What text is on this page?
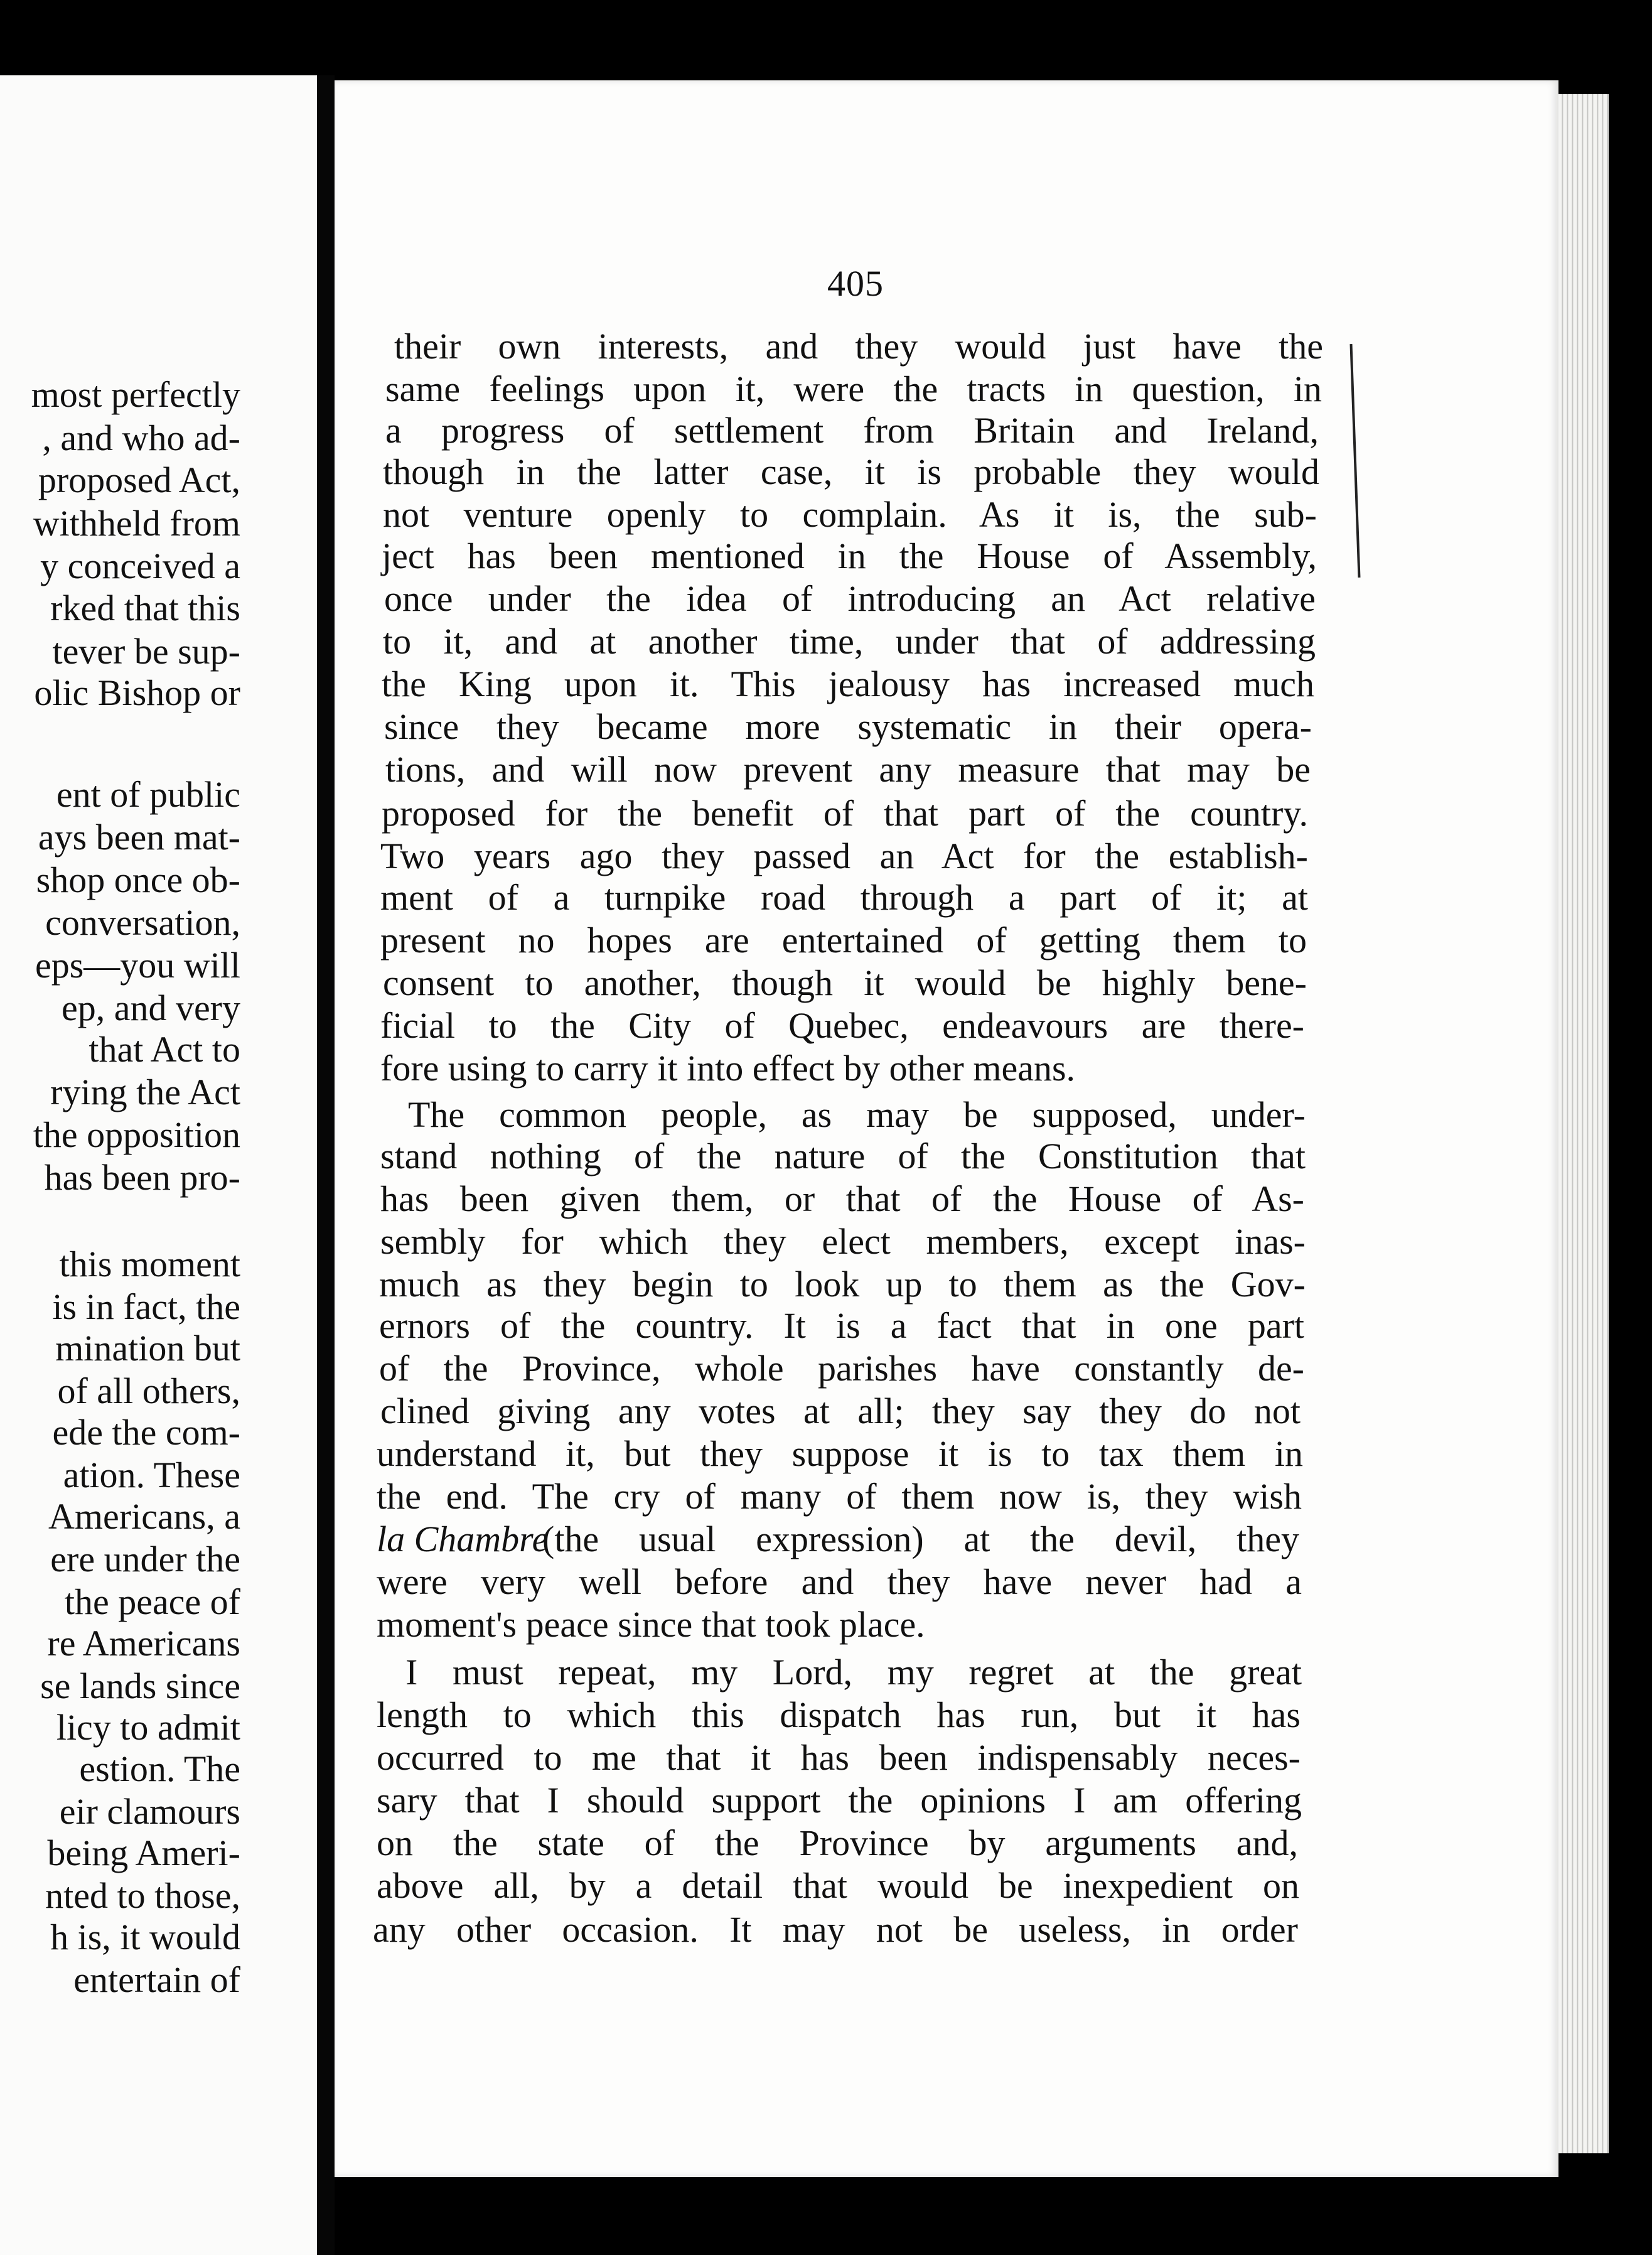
most perfectly
, and who ad-
proposed Act,
withheld from
y conceived a
rked that this
tever be sup-
olic Bishop or
ent of public
ays been mat-
shop once ob-
conversation,
eps—you will
ep, and very
that Act to
rying the Act
the opposition
has been pro-
this moment
is in fact, the
mination but
of all others,
ede the com-
ation. These
Americans, a
ere under the
the peace of
re Americans
se lands since
licy to admit
estion. The
eir clamours
being Ameri-
nted to those,
h is, it would
entertain of
405
their own interests, and they would just have the
same feelings upon it, were the tracts in question, in
a progress of settlement from Britain and Ireland,
though in the latter case, it is probable they would
not venture openly to complain. As it is, the sub-
ject has been mentioned in the House of Assembly,
once under the idea of introducing an Act relative
to it, and at another time, under that of addressing
the King upon it. This jealousy has increased much
since they became more systematic in their opera-
tions, and will now prevent any measure that may be
proposed for the benefit of that part of the country.
Two years ago they passed an Act for the establish-
ment of a turnpike road through a part of it; at
present no hopes are entertained of getting them to
consent to another, though it would be highly bene-
ficial to the City of Quebec, endeavours are there-
fore using to carry it into effect by other means.
The common people, as may be supposed, under-
stand nothing of the nature of the Constitution that
has been given them, or that of the House of As-
sembly for which they elect members, except inas-
much as they begin to look up to them as the Gov-
ernors of the country. It is a fact that in one part
of the Province, whole parishes have constantly de-
clined giving any votes at all; they say they do not
understand it, but they suppose it is to tax them in
the end. The cry of many of them now is, they wish
(the usual expression) at the devil, they
were very well before and they have never had a
moment's peace since that took place.
I must repeat, my Lord, my regret at the great
length to which this dispatch has run, but it has
occurred to me that it has been indispensably neces-
sary that I should support the opinions I am offering
on the state of the Province by arguments and,
above all, by a detail that would be inexpedient on
any other occasion. It may not be useless, in order
la Chambre
